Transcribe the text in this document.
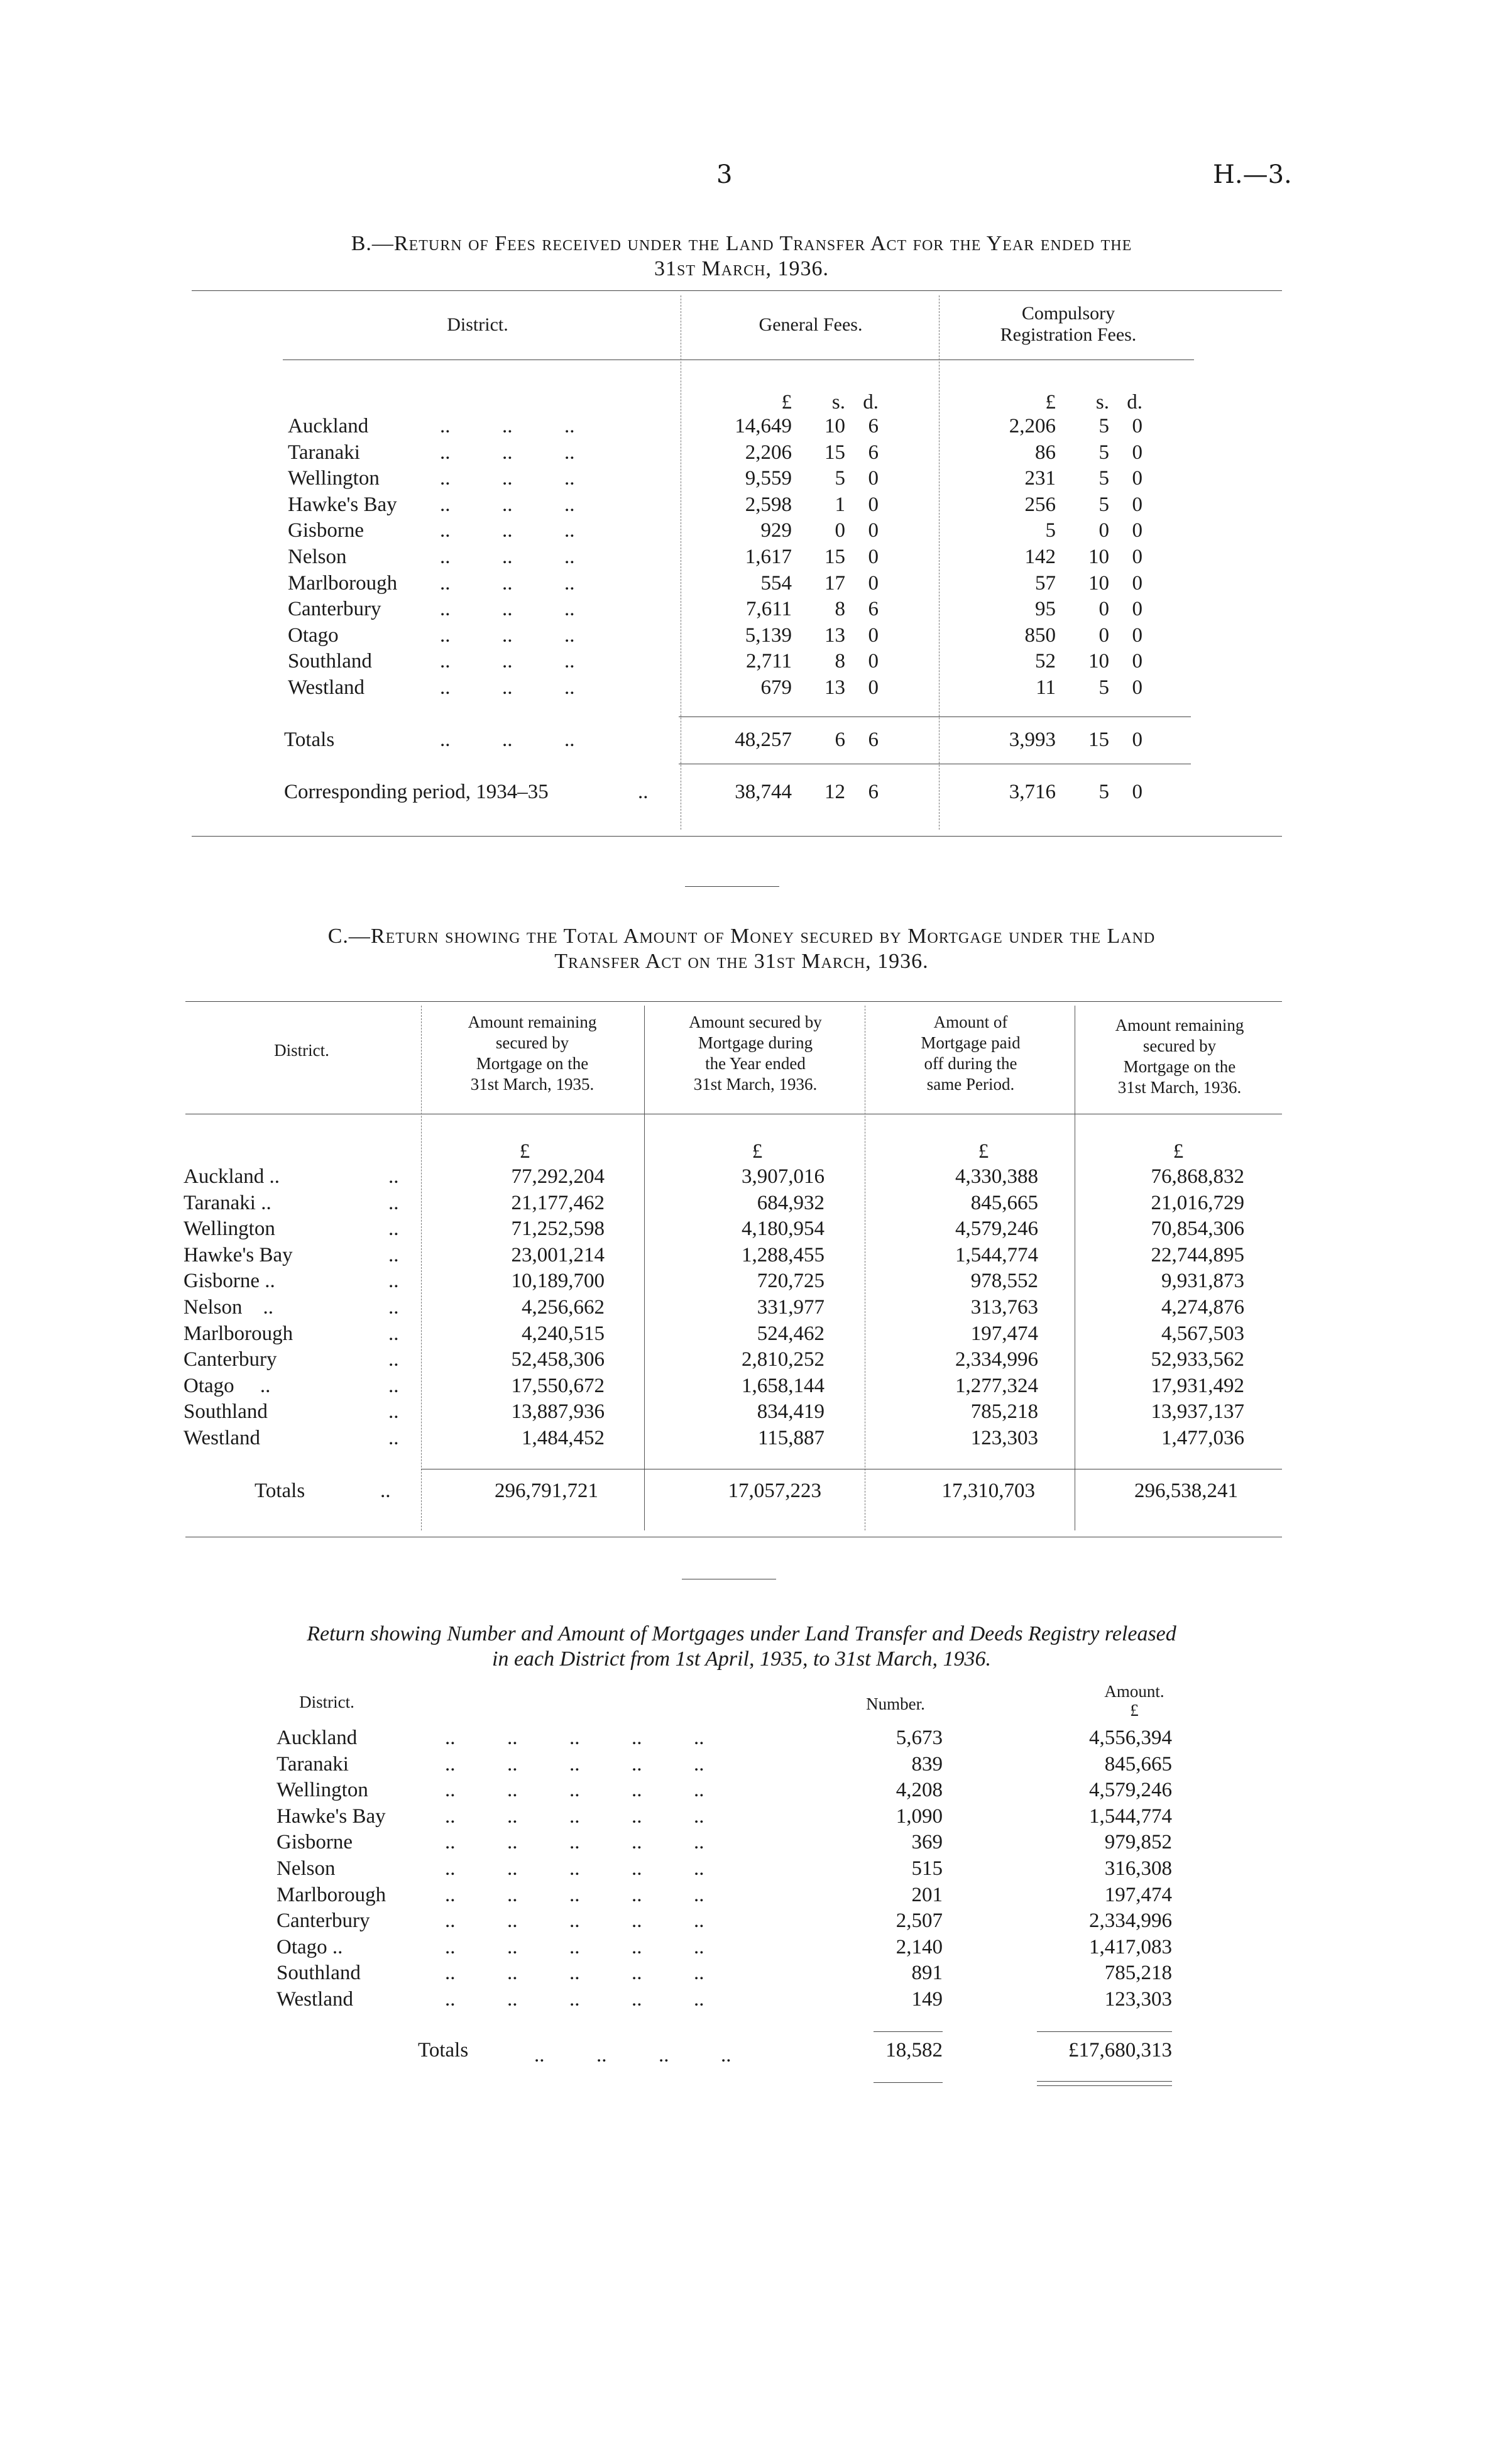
3	H.—3.
B.—Return of Fees received under the Land Transfer Act for the Year ended the
31st March, 1936.
District.	General Fees.
Compulsory
Registration Fees.
£	s. d.	£	s. d.
Auckland	..          ..          ..	14,649	10	6	2,206	5	0
Taranaki	..          ..          ..	2,206	15	6	86	5	0
Wellington	..          ..          ..	9,559	5	0	231	5	0
Hawke's Bay ..          ..          ..	2,598	1	0	256	5	0
Gisborne	..          ..          ..	929	0	0	5	0	0
Nelson	..          ..          ..	1,617	15	0	142	10	0
Marlborough ..          ..          ..	554	17	0	57	10	0
Canterbury	..          ..          ..	7,611	8	6	95	0	0
Otago	..          ..          ..	5,139	13	0	850	0	0
Southland	..          ..          ..	2,711	8	0	52	10	0
Westland	..          ..          ..	679	13	0	11	5	0
Totals	..          ..          ..	48,257	6	6	3,993	15	0
Corresponding period, 1934–35	..	38,744	12	6	3,716	5	0
C.—Return showing the Total Amount of Money secured by Mortgage under the Land
Transfer Act on the 31st March, 1936.
District.
Amount remaining
secured by
Mortgage on the
31st March, 1935.
Amount secured by
Mortgage during
the Year ended
31st March, 1936.
Amount of
Mortgage paid
off during the
same Period.
Amount remaining
secured by
Mortgage on the
31st March, 1936.
£	£	£	£
Auckland ..	..	77,292,204	3,907,016	4,330,388	76,868,832
Taranaki ..	..	21,177,462	684,932	845,665	21,016,729
Wellington	..	71,252,598	4,180,954	4,579,246	70,854,306
Hawke's Bay	..	23,001,214	1,288,455	1,544,774	22,744,895
Gisborne ..	..	10,189,700	720,725	978,552	9,931,873
Nelson    ..	..	4,256,662	331,977	313,763	4,274,876
Marlborough	..	4,240,515	524,462	197,474	4,567,503
Canterbury	..	52,458,306	2,810,252	2,334,996	52,933,562
Otago     ..	..	17,550,672	1,658,144	1,277,324	17,931,492
Southland	..	13,887,936	834,419	785,218	13,937,137
Westland	..	1,484,452	115,887	123,303	1,477,036
Totals	..	296,791,721	17,057,223	17,310,703	296,538,241
Return showing Number and Amount of Mortgages under Land Transfer and Deeds Registry released
in each District from 1st April, 1935, to 31st March, 1936.
District.	Number.
Amount.
£
Auckland	..          ..          ..          ..          ..	5,673	4,556,394
Taranaki	..          ..          ..          ..          ..	839	845,665
Wellington	..          ..          ..          ..          ..	4,208	4,579,246
Hawke's Bay	..          ..          ..          ..          ..	1,090	1,544,774
Gisborne	..          ..          ..          ..          ..	369	979,852
Nelson	..          ..          ..          ..          ..	515	316,308
Marlborough	..          ..          ..          ..          ..	201	197,474
Canterbury	..          ..          ..          ..          ..	2,507	2,334,996
Otago ..	..          ..          ..          ..          ..	2,140	1,417,083
Southland	..          ..          ..          ..          ..	891	785,218
Westland	..          ..          ..          ..          ..	149	123,303
Totals	..          ..          ..          ..	18,582	£17,680,313
